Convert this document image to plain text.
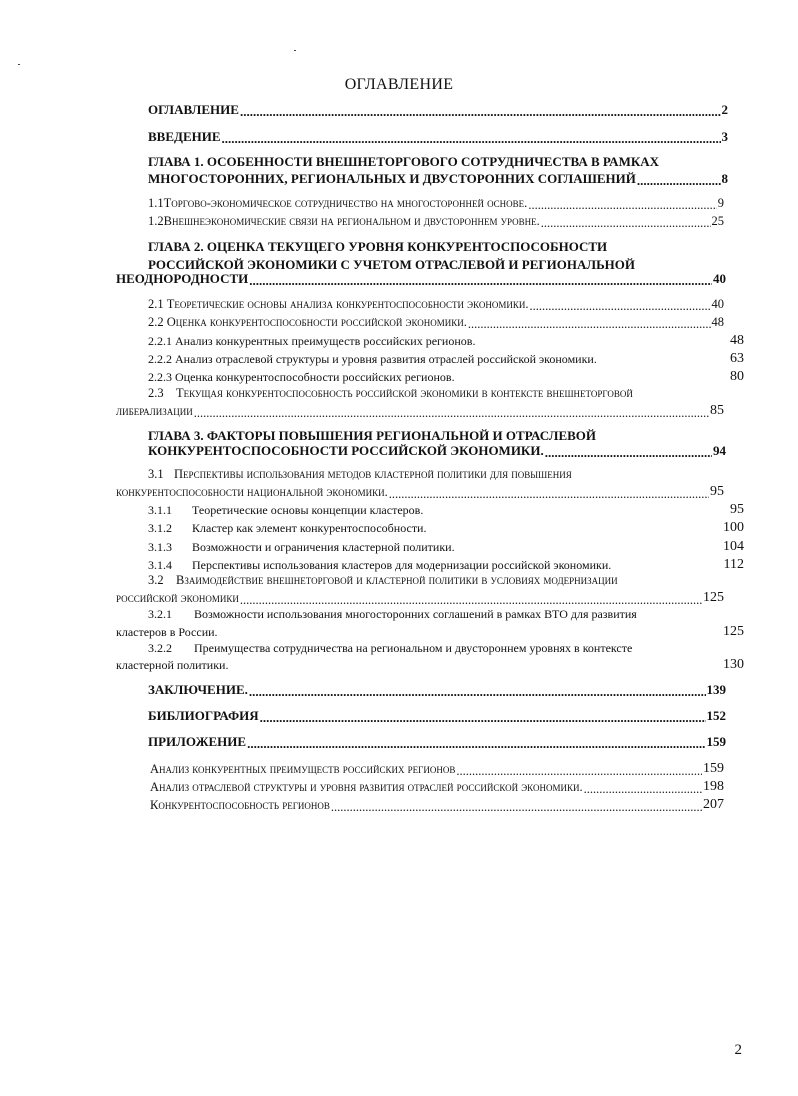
ОГЛАВЛЕНИЕ
ОГЛАВЛЕНИЕ .....	2
ВВЕДЕНИЕ .....	3
ГЛАВА 1. ОСОБЕННОСТИ ВНЕШНЕТОРГОВОГО СОТРУДНИЧЕСТВА В РАМКАХ
МНОГОСТОРОННИХ, РЕГИОНАЛЬНЫХ И ДВУСТОРОННИХ СОГЛАШЕНИЙ .....	8
1.1 Торгово-экономическое сотрудничество на многосторонней основе. .....	9
1.2 Внешнеэкономические связи на региональном и двустороннем уровне. .....	25
ГЛАВА 2. ОЦЕНКА ТЕКУЩЕГО УРОВНЯ КОНКУРЕНТОСПОСОБНОСТИ
РОССИЙСКОЙ ЭКОНОМИКИ С УЧЕТОМ ОТРАСЛЕВОЙ И РЕГИОНАЛЬНОЙ
НЕОДНОРОДНОСТИ .....	40
2.1 Теоретические основы анализа конкурентоспособности экономики. .....	40
2.2 Оценка конкурентоспособности российской экономики. .....	48
2.2.1 Анализ конкурентных преимуществ российских регионов.	48
2.2.2 Анализ отраслевой структуры и уровня развития отраслей российской экономики.	63
2.2.3 Оценка конкурентоспособности российских регионов.	80
2.3 Текущая конкурентоспособность российской экономики в контексте внешнеторговой
либерализации .....	85
ГЛАВА 3. ФАКТОРЫ ПОВЫШЕНИЯ РЕГИОНАЛЬНОЙ И ОТРАСЛЕВОЙ
КОНКУРЕНТОСПОСОБНОСТИ РОССИЙСКОЙ ЭКОНОМИКИ. .....	94
3.1 Перспективы использования методов кластерной политики для повышения
конкурентоспособности национальной экономики. .....	95
3.1.1	Теоретические основы концепции кластеров.	95
3.1.2	Кластер как элемент конкурентоспособности.	100
3.1.3	Возможности и ограничения кластерной политики.	104
3.1.4	Перспективы использования кластеров для модернизации российской экономики.	112
3.2 Взаимодействие внешнеторговой и кластерной политики в условиях модернизации
российской экономики .....	125
3.2.1	Возможности использования многосторонних соглашений в рамках ВТО для развития
кластеров в России.	125
3.2.2	Преимущества сотрудничества на региональном и двустороннем уровнях в контексте
кластерной политики.	130
ЗАКЛЮЧЕНИЕ. .....	139
БИБЛИОГРАФИЯ .....	152
ПРИЛОЖЕНИЕ .....	159
Анализ конкурентных преимуществ российских регионов .....	159
Анализ отраслевой структуры и уровня развития отраслей российской экономики. .....	198
Конкурентоспособность регионов .....	207
2
